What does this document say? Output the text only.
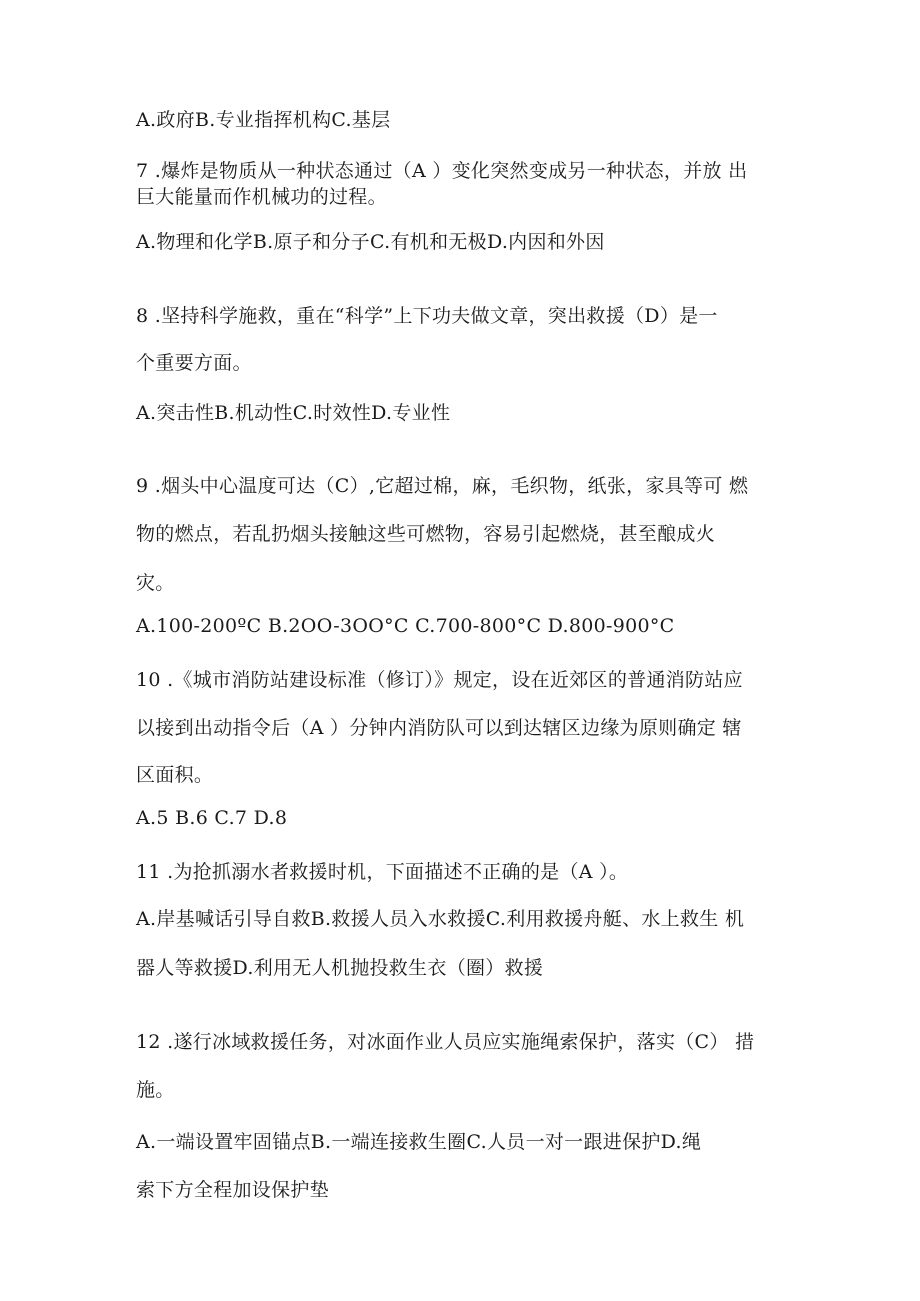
A.政府B.专业指挥机构C.基层
7 .爆炸是物质从一种状态通过（A ）变化突然变成另一种状态，并放 出
巨大能量而作机械功的过程。
A.物理和化学B.原子和分子C.有机和无极D.内因和外因
8 .坚持科学施救，重在“科学”上下功夫做文章，突出救援（D）是一
个重要方面。
A.突击性B.机动性C.时效性D.专业性
9 .烟头中心温度可达（C）,它超过棉，麻，毛织物，纸张，家具等可 燃
物的燃点，若乱扔烟头接触这些可燃物，容易引起燃烧，甚至酿成火
灾。
A.100-200ºC B.2OO-3OO°C C.700-800°C D.800-900°C
10 .《城市消防站建设标准（修订）》规定，设在近郊区的普通消防站应
以接到出动指令后（A ）分钟内消防队可以到达辖区边缘为原则确定 辖
区面积。
A.5 B.6 C.7 D.8
11 .为抢抓溺水者救援时机，下面描述不正确的是（A ）。
A.岸基喊话引导自救B.救援人员入水救援C.利用救援舟艇、水上救生 机
器人等救援D.利用无人机抛投救生衣（圈）救援
12 .遂行冰域救援任务，对冰面作业人员应实施绳索保护，落实（C） 措
施。
A.一端设置牢固锚点B.一端连接救生圈C.人员一对一跟进保护D.绳
索下方全程加设保护垫
